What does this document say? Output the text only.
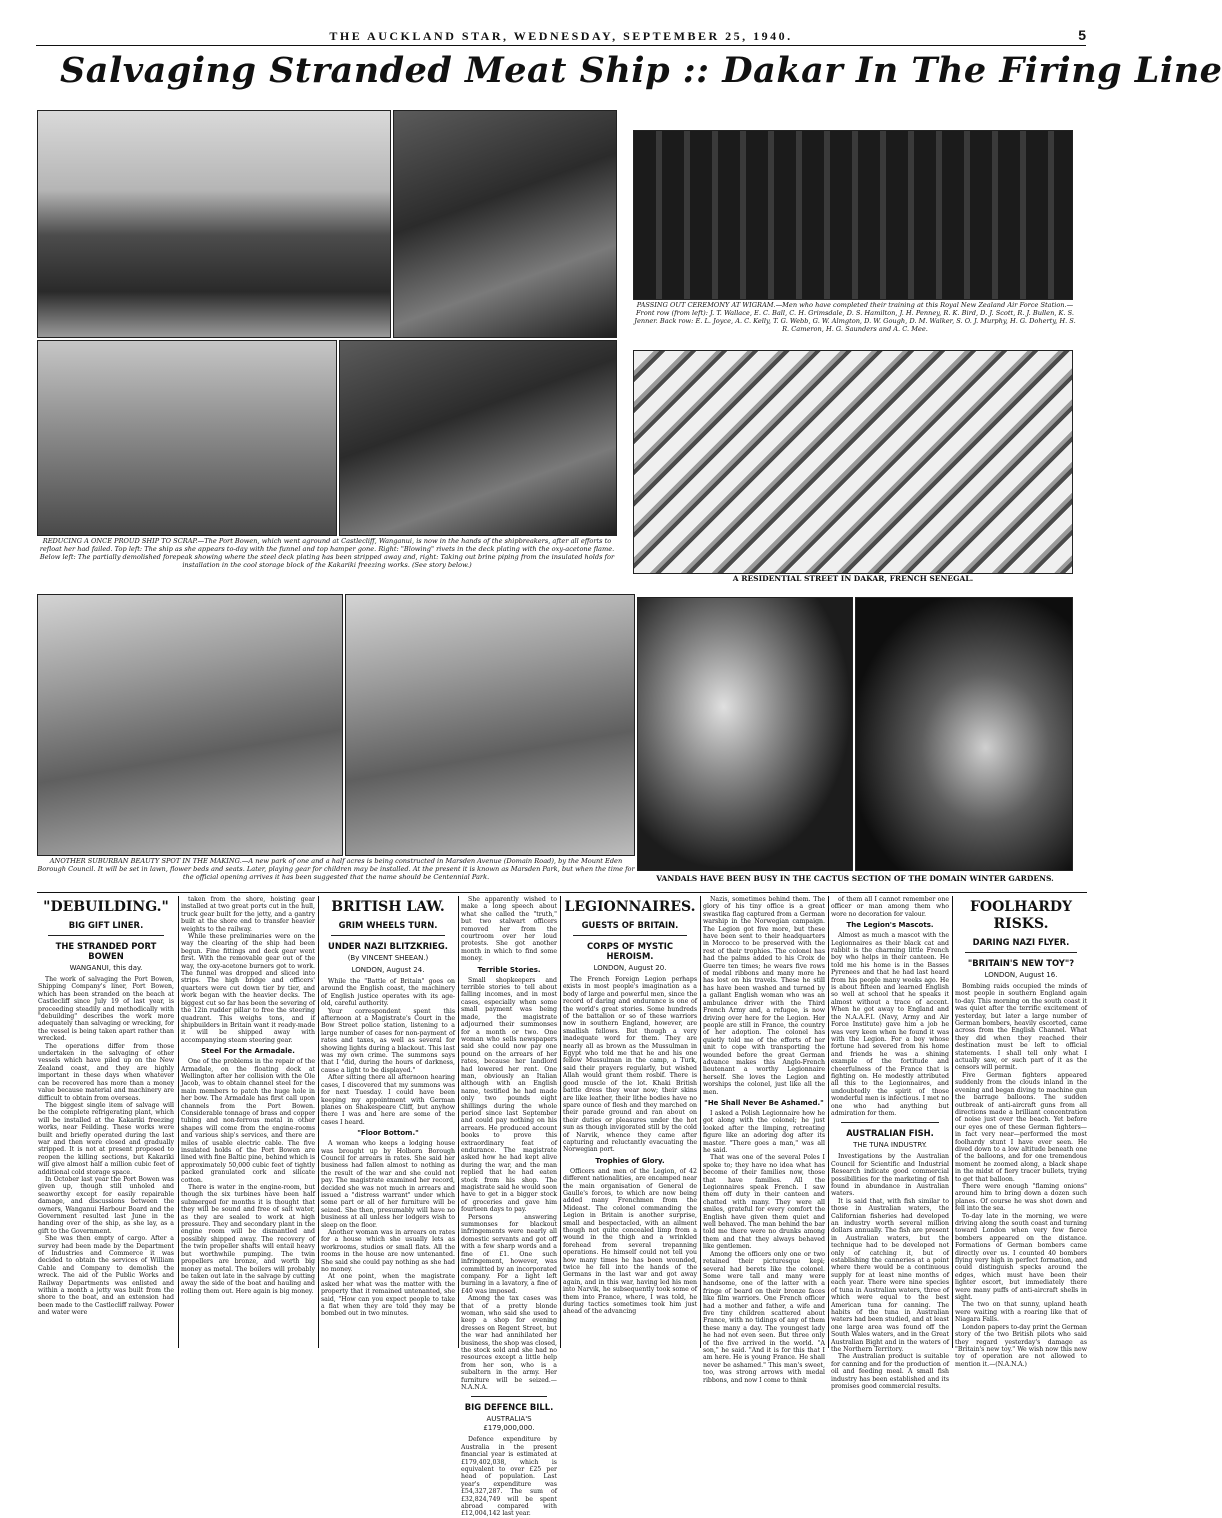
THE AUCKLAND STAR, WEDNESDAY, SEPTEMBER 25, 1940.	5
Salvaging Stranded Meat Ship :: Dakar In The Firing Line
REDUCING A ONCE PROUD SHIP TO SCRAP.—The Port Bowen, which went aground at Castlecliff, Wanganui, is now in the hands of the shipbreakers, after all efforts to refloat her had failed. Top left: The ship as she appears to-day with the funnel and top hamper gone. Right: "Blowing" rivets in the deck plating with the oxy-acetone flame. Below left: The partially demolished forepeak showing where the steel deck plating has been stripped away and, right: Taking out brine piping from the insulated holds for installation in the cool storage block of the Kakariki freezing works. (See story below.)
PASSING OUT CEREMONY AT WIGRAM.—Men who have completed their training at this Royal New Zealand Air Force Station.—Front row (from left): J. T. Wallace, E. C. Ball, C. H. Grimsdale, D. S. Hamilton, J. H. Penney, R. K. Bird, D. J. Scott, R. J. Bullen, K. S. Jenner. Back row: E. L. Joyce, A. C. Kelly, T. G. Webb, G. W. Almgton, D. W. Gough, D. M. Walker, S. O. J. Murphy, H. G. Doherty, H. S. R. Cameron, H. G. Saunders and A. C. Mee.
A RESIDENTIAL STREET IN DAKAR, FRENCH SENEGAL.
ANOTHER SUBURBAN BEAUTY SPOT IN THE MAKING.—A new park of one and a half acres is being constructed in Marsden Avenue (Domain Road), by the Mount Eden Borough Council. It will be set in lawn, flower beds and seats. Later, playing gear for children may be installed. At the present it is known as Marsden Park, but when the time for the official opening arrives it has been suggested that the name should be Centennial Park.	VANDALS HAVE BEEN BUSY IN THE CACTUS SECTION OF THE DOMAIN WINTER GARDENS.
"DEBUILDING."
BIG GIFT LINER.
THE STRANDED PORT BOWEN
WANGANUI, this day.

The work of salvaging the Port Bowen, Shipping Company's liner, Port Bowen, which has been stranded on the beach at Castlecliff since July 19 of last year, is proceeding steadily and methodically with "debuilding" describes the work more adequately than salvaging or wrecking, for the vessel is being taken apart rather than wrecked.

The operations differ from those undertaken in the salvaging of other vessels which have piled up on the New Zealand coast, and they are highly important in these days when whatever can be recovered has more than a money value because material and machinery are difficult to obtain from overseas.

The biggest single item of salvage will be the complete refrigerating plant, which will be installed at the Kakariki freezing works, near Feilding. These works were built and briefly operated during the last war and then were closed and gradually stripped. It is not at present proposed to reopen the killing sections, but Kakariki will give almost half a million cubic feet of additional cold storage space.

In October last year the Port Bowen was given up, though still unholed and seaworthy except for easily repairable damage, and discussions between the owners, Wanganui Harbour Board and the Government resulted last June in the handing over of the ship, as she lay, as a gift to the Government.

She was then empty of cargo. After a survey had been made by the Department of Industries and Commerce it was decided to obtain the services of William Cable and Company to demolish the wreck. The aid of the Public Works and Railway Departments was enlisted and within a month a jetty was built from the shore to the boat, and an extension had been made to the Castlecliff railway. Power and water were

taken from the shore, hoisting gear installed at two great ports cut in the hull, truck gear built for the jetty, and a gantry built at the shore end to transfer heavier weights to the railway.

While these preliminaries were on the way the clearing of the ship had been begun. Fine fittings and deck gear went first. With the removable gear out of the way, the oxy-acetone burners got to work. The funnel was dropped and sliced into strips. The high bridge and officers' quarters were cut down tier by tier, and work began with the heavier decks. The biggest cut so far has been the severing of the 12in rudder pillar to free the steering quadrant. This weighs tons, and if shipbuilders in Britain want it ready-made it will be shipped away with accompanying steam steering gear.

Steel For the Armadale.

One of the problems in the repair of the Armadale, on the floating dock at Wellington after her collision with the Ole Jacob, was to obtain channel steel for the main members to patch the huge hole in her bow. The Armadale has first call upon channels from the Port Bowen. Considerable tonnage of brass and copper tubing and non-ferrous metal in other shapes will come from the engine-rooms and various ship's services, and there are miles of usable electric cable. The five insulated holds of the Port Bowen are lined with fine Baltic pine, behind which is approximately 50,000 cubic feet of tightly packed granulated cork and silicate cotton.

There is water in the engine-room, but though the six turbines have been half submerged for months it is thought that they will be sound and free of salt water, as they are sealed to work at high pressure. They and secondary plant in the engine room will be dismantled and possibly shipped away. The recovery of the twin propeller shafts will entail heavy but worthwhile pumping. The twin propellers are bronze, and worth big money as metal. The boilers will probably be taken out late in the salvage by cutting away the side of the boat and hauling and rolling them out. Here again is big money.

BRITISH LAW.
GRIM WHEELS TURN.
UNDER NAZI BLITZKRIEG.
(By VINCENT SHEEAN.)
LONDON, August 24.

While the "Battle of Britain" goes on around the English coast, the machinery of English justice operates with its age-old, careful authority.

Your correspondent spent this afternoon at a Magistrate's Court in the Bow Street police station, listening to a large number of cases for non-payment of rates and taxes, as well as several for showing lights during a blackout. This last was my own crime. The summons says that I "did, during the hours of darkness, cause a light to be displayed."

After sitting there all afternoon hearing cases, I discovered that my summons was for next Tuesday. I could have been keeping my appointment with German planes on Shakespeare Cliff, but anyhow there I was and here are some of the cases I heard.

"Floor Bottom."

A woman who keeps a lodging house was brought up by Holborn Borough Council for arrears in rates. She said her business had fallen almost to nothing as the result of the war and she could not pay. The magistrate examined her record, decided she was not much in arrears and issued a "distress warrant" under which some part or all of her furniture will be seized. She then, presumably will have no business at all unless her lodgers wish to sleep on the floor.

Another woman was in arrears on rates for a house which she usually lets as workrooms, studios or small flats. All the rooms in the house are now untenanted. She said she could pay nothing as she had no money.

At one point, when the magistrate asked her what was the matter with the property that it remained untenanted, she said, "How can you expect people to take a flat when they are told they may be bombed out in two minutes.

She apparently wished to make a long speech about what she called the "truth," but two stalwart officers removed her from the courtroom over her loud protests. She got another month in which to find some money.

Terrible Stories.

Small shopkeepers and terrible stories to tell about falling incomes, and in most cases, especially when some small payment was being made, the magistrate adjourned their summonses for a month or two. One woman who sells newspapers said she could now pay one pound on the arrears of her rates, because her landlord had lowered her rent. One man, obviously an Italian although with an English name, testified he had made only two pounds eight shillings during the whole period since last September and could pay nothing on his arrears. He produced account books to prove this extraordinary feat of endurance. The magistrate asked how he had kept alive during the war, and the man replied that he had eaten stock from his shop. The magistrate said he would soon have to get in a bigger stock of groceries and gave him fourteen days to pay.

Persons answering summonses for blackout infringements were nearly all domestic servants and got off with a few sharp words and a fine of £1. One such infringement, however, was committed by an incorporated company. For a light left burning in a lavatory, a fine of £40 was imposed.

Among the tax cases was that of a pretty blonde woman, who said she used to keep a shop for evening dresses on Regent Street, but the war had annihilated her business, the shop was closed, the stock sold and she had no resources except a little help from her son, who is a subaltern in the army. Her furniture will be seized.—N.A.N.A.

BIG DEFENCE BILL.
AUSTRALIA'S £179,000,000.

Defence expenditure by Australia in the present financial year is estimated at £179,402,038, which is equivalent to over £25 per head of population. Last year's expenditure was £54,327,287. The sum of £32,824,749 will be spent abroad compared with £12,004,142 last year.

LEGIONNAIRES.
GUESTS OF BRITAIN.
CORPS OF MYSTIC HEROISM.
LONDON, August 20.

The French Foreign Legion perhaps exists in most people's imagination as a body of large and powerful men, since the record of daring and endurance is one of the world's great stories. Some hundreds of the battalion or so of these warriors now in southern England, however, are smallish fellows. But though a very inadequate word for them. They are nearly all as brown as the Mussulman in Egypt who told me that he and his one fellow Mussulman in the camp, a Turk, said their prayers regularly, but wished Allah would grant them rosbif. There is good muscle of the lot. Khaki British battle dress they wear now; their skins are like leather, their lithe bodies have no spare ounce of flesh and they marched on their parade ground and ran about on their duties or pleasures under the hot sun as though invigorated still by the cold of Narvik, whence they came after capturing and reluctantly evacuating the Norwegian port.

Trophies of Glory.

Officers and men of the Legion, of 42 different nationalities, are encamped near the main organisation of General de Gaulle's forces, to which are now being added many Frenchmen from the Mideast. The colonel commanding the Legion in Britain is another surprise, small and bespectacled, with an ailment though not quite concealed limp from a wound in the thigh and a wrinkled forehead from several trepanning operations. He himself could not tell you how many times he has been wounded, twice he fell into the hands of the Germans in the last war and got away again, and in this war, having led his men into Narvik, he subsequently took some of them into France, where, I was told, he during tactics sometimes took him just ahead of the advancing

Nazis, sometimes behind them. The glory of his tiny office is a great swastika flag captured from a German warship in the Norwegian campaign. The Legion got five more, but these have been sent to their headquarters in Morocco to be preserved with the rest of their trophies. The colonel has had the palms added to his Croix de Guerre ten times; he wears five rows of medal ribbons and many more he has lost on his travels. These he still has have been washed and turned by a gallant English woman who was an ambulance driver with the Third French Army and, a refugee, is now driving over here for the Legion. Her people are still in France, the country of her adoption. The colonel has quietly told me of the efforts of her unit to cope with transporting the wounded before the great German advance makes this Anglo-French lieutenant a worthy Legionnaire herself. She loves the Legion and worships the colonel, just like all the men.

"He Shall Never Be Ashamed."

I asked a Polish Legionnaire how he got along with the colonel; he just looked after the limping, retreating figure like an adoring dog after its master. "There goes a man," was all he said.

That was one of the several Poles I spoke to; they have no idea what has become of their families now, those that have families. All the Legionnaires speak French. I saw them off duty in their canteen and chatted with many. They were all smiles, grateful for every comfort the English have given them quiet and well behaved. The man behind the bar told me there were no drunks among them and that they always behaved like gentlemen.

Among the officers only one or two retained their picturesque kepi; several had berets like the colonel. Some were tall and many were handsome, one of the latter with a fringe of beard on their bronze faces like film warriors. One French officer had a mother and father, a wife and five tiny children scattered about France, with no tidings of any of them these many a day. The youngest lady he had not even seen. But three only of the five arrived in the world. "A son," he said. "And it is for this that I am here. He is young France. He shall never be ashamed." This man's sweet, too, was strong arrows with medal ribbons, and now I come to think

of them all I cannot remember one officer or man among them who wore no decoration for valour.

The Legion's Mascots.

Almost as much a mascot with the Legionnaires as their black cat and rabbit is the charming little French boy who helps in their canteen. He told me his home is in the Basses Pyrenees and that he had last heard from his people many weeks ago. He is about fifteen and learned English so well at school that he speaks it almost without a trace of accent. When he got away to England and the N.A.A.F.I. (Navy, Army and Air Force Institute) gave him a job he was very keen when he found it was with the Legion. For a boy whose fortune had severed from his home and friends he was a shining example of the fortitude and cheerfulness of the France that is fighting on. He modestly attributed all this to the Legionnaires, and undoubtedly the spirit of those wonderful men is infectious. I met no one who had anything but admiration for them.

AUSTRALIAN FISH.
THE TUNA INDUSTRY.

Investigations by the Australian Council for Scientific and Industrial Research indicate good commercial possibilities for the marketing of fish found in abundance in Australian waters.

It is said that, with fish similar to those in Australian waters, the Californian fisheries had developed an industry worth several million dollars annually. The fish are present in Australian waters, but the technique had to be developed not only of catching it, but of establishing the canneries at a point where there would be a continuous supply for at least nine months of each year. There were nine species of tuna in Australian waters, three of which were equal to the best American tuna for canning. The habits of the tuna in Australian waters had been studied, and at least one large area was found off the South Wales waters, and in the Great Australian Bight and in the waters of the Northern Territory.

The Australian product is suitable for canning and for the production of oil and feeding meal. A small fish industry has been established and its promises good commercial results.

FOOLHARDY RISKS.
DARING NAZI FLYER.
"BRITAIN'S NEW TOY"?
LONDON, August 16.

Bombing raids occupied the minds of most people in southern England again to-day. This morning on the south coast it was quiet after the terrific excitement of yesterday, but later a large number of German bombers, heavily escorted, came across from the English Channel. What they did when they reached their destination must be left to official statements. I shall tell only what I actually saw, or such part of it as the censors will permit.

Five German fighters appeared suddenly from the clouds inland in the evening and began diving to machine gun the barrage balloons. The sudden outbreak of anti-aircraft guns from all directions made a brilliant concentration of noise just over the beach. Yet before our eyes one of these German fighters—in fact very near—performed the most foolhardy stunt I have ever seen. He dived down to a low altitude beneath one of the balloons, and for one tremendous moment he zoomed along, a black shape in the midst of fiery tracer bullets, trying to get that balloon.

There were enough "flaming onions" around him to bring down a dozen such planes. Of course he was shot down and fell into the sea.

To-day late in the morning, we were driving along the south coast and turning toward London when very few fierce bombers appeared on the distance. Formations of German bombers came directly over us. I counted 40 bombers flying very high in perfect formation, and could distinguish specks around the edges, which must have been their lighter escort, but immediately there were many puffs of anti-aircraft shells in sight.

The two on that sunny, upland heath were waiting with a roaring like that of Niagara Falls.

London papers to-day print the German story of the two British pilots who said they regard yesterday's damage as "Britain's new toy." We wish now this new toy of operation are not allowed to mention it.—(N.A.N.A.)
